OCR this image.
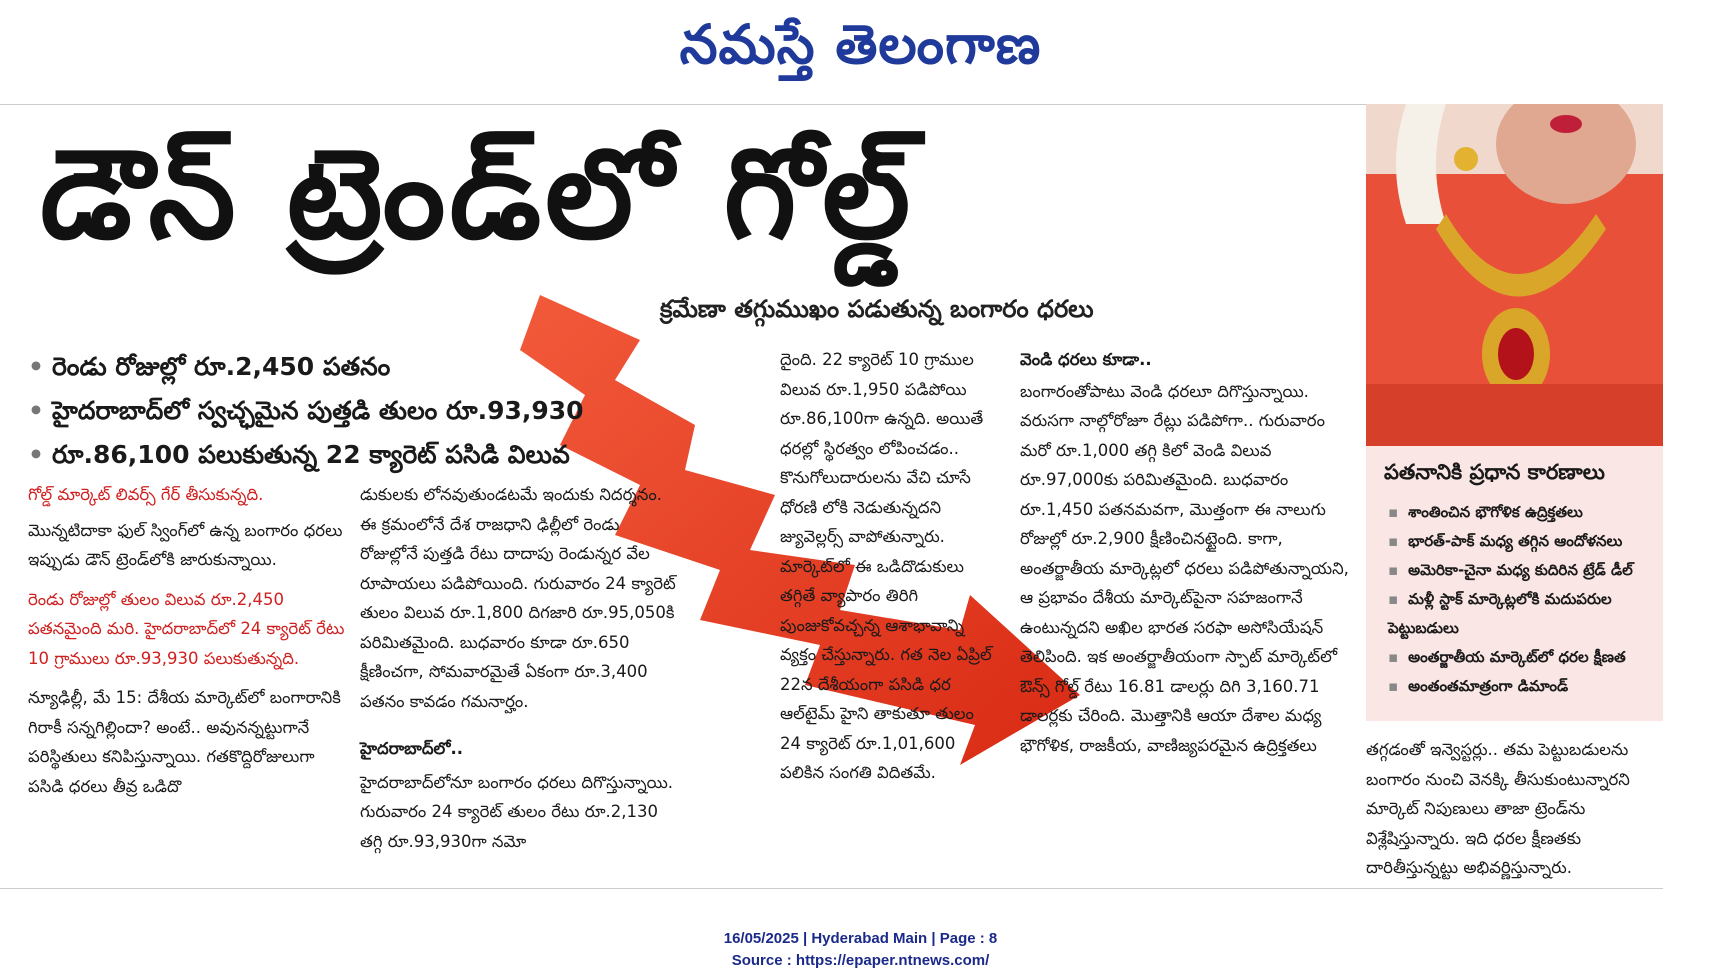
నమస్తే తెలంగాణ
డౌన్ ట్రెండ్‌లో గోల్డ్
క్రమేణా తగ్గుముఖం పడుతున్న బంగారం ధరలు
• రెండు రోజుల్లో రూ.2,450 పతనం
• హైదరాబాద్‌లో స్వచ్ఛమైన పుత్తడి తులం రూ.93,930
• రూ.86,100 పలుకుతున్న 22 క్యారెట్ పసిడి విలువ

గోల్డ్ మార్కెట్ లివర్స్ గేర్ తీసుకున్నది.

మొన్నటిదాకా ఫుల్ స్వింగ్‌లో ఉన్న బంగారం ధరలు ఇప్పుడు డౌన్ ట్రెండ్‌లోకి జారుకున్నాయి.

రెండు రోజుల్లో తులం విలువ రూ.2,450 పతనమైంది మరి. హైదరాబాద్‌లో 24 క్యారెట్ రేటు 10 గ్రాములు రూ.93,930 పలుకుతున్నది.

న్యూఢిల్లీ, మే 15: దేశీయ మార్కెట్‌లో బంగారానికి గిరాకీ సన్నగిల్లిందా? అంటే.. అవునన్నట్టుగానే పరిస్థితులు కనిపిస్తున్నాయి. గతకొద్దిరోజులుగా పసిడి ధరలు తీవ్ర ఒడిదొ

డుకులకు లోనవుతుండటమే ఇందుకు నిదర్శనం. ఈ క్రమంలోనే దేశ రాజధాని ఢిల్లీలో రెండు రోజుల్లోనే పుత్తడి రేటు దాదాపు రెండున్నర వేల రూపాయలు పడిపోయింది. గురువారం 24 క్యారెట్ తులం విలువ రూ.1,800 దిగజారి రూ.95,050కి పరిమితమైంది. బుధవారం కూడా రూ.650 క్షీణించగా, సోమవారమైతే ఏకంగా రూ.3,400 పతనం కావడం గమనార్హం.

హైదరాబాద్‌లో..

హైదరాబాద్‌లోనూ బంగారం ధరలు దిగొస్తున్నాయి. గురువారం 24 క్యారెట్ తులం రేటు రూ.2,130 తగ్గి రూ.93,930గా నమో

దైంది. 22 క్యారెట్ 10 గ్రాముల విలువ రూ.1,950 పడిపోయి రూ.86,100గా ఉన్నది. అయితే ధరల్లో స్థిరత్వం లోపించడం.. కొనుగోలుదారులను వేచి చూసే ధోరణి లోకి నెడుతున్నదని జ్యువెల్లర్స్ వాపోతున్నారు. మార్కెట్‌లో ఈ ఒడిదొడుకులు తగ్గితే వ్యాపారం తిరిగి పుంజుకోవచ్చన్న ఆశాభావాన్ని వ్యక్తం చేస్తున్నారు. గత నెల ఏప్రిల్ 22న దేశీయంగా పసిడి ధర ఆల్‌టైమ్ హైని తాకుతూ తులం 24 క్యారెట్ రూ.1,01,600 పలికిన సంగతి విదితమే.

వెండి ధరలు కూడా..

బంగారంతోపాటు వెండి ధరలూ దిగొస్తున్నాయి. వరుసగా నాల్గోరోజూ రేట్లు పడిపోగా.. గురువారం మరో రూ.1,000 తగ్గి కిలో వెండి విలువ రూ.97,000కు పరిమితమైంది. బుధవారం రూ.1,450 పతనమవగా, మొత్తంగా ఈ నాలుగు రోజుల్లో రూ.2,900 క్షీణించినట్టైంది. కాగా, అంతర్జాతీయ మార్కెట్లలో ధరలు పడిపోతున్నాయని, ఆ ప్రభావం దేశీయ మార్కెట్‌పైనా సహజంగానే ఉంటున్నదని అఖిల భారత సరఫా అసోసియేషన్ తెలిపింది. ఇక అంతర్జాతీయంగా స్పాట్ మార్కెట్‌లో ఔన్స్ గోల్డ్ రేటు 16.81 డాలర్లు దిగి 3,160.71 డాలర్లకు చేరింది. మొత్తానికి ఆయా దేశాల మధ్య భౌగోళిక, రాజకీయ, వాణిజ్యపరమైన ఉద్రిక్తతలు

పతనానికి ప్రధాన కారణాలు
▪ శాంతించిన భౌగోళిక ఉద్రిక్తతలు
▪ భారత్-పాక్ మధ్య తగ్గిన ఆందోళనలు
▪ అమెరికా-చైనా మధ్య కుదిరిన ట్రేడ్ డీల్
▪ మళ్లీ స్టాక్ మార్కెట్లలోకి మదుపరుల పెట్టుబడులు
▪ అంతర్జాతీయ మార్కెట్‌లో ధరల క్షీణత
▪ అంతంతమాత్రంగా డిమాండ్

తగ్గడంతో ఇన్వెస్టర్లు.. తమ పెట్టుబడులను బంగారం నుంచి వెనక్కి తీసుకుంటున్నారని మార్కెట్ నిపుణులు తాజా ట్రెండ్‌ను విశ్లేషిస్తున్నారు. ఇది ధరల క్షీణతకు దారితీస్తున్నట్టు అభివర్ణిస్తున్నారు.

16/05/2025 | Hyderabad Main | Page : 8
Source : https://epaper.ntnews.com/
